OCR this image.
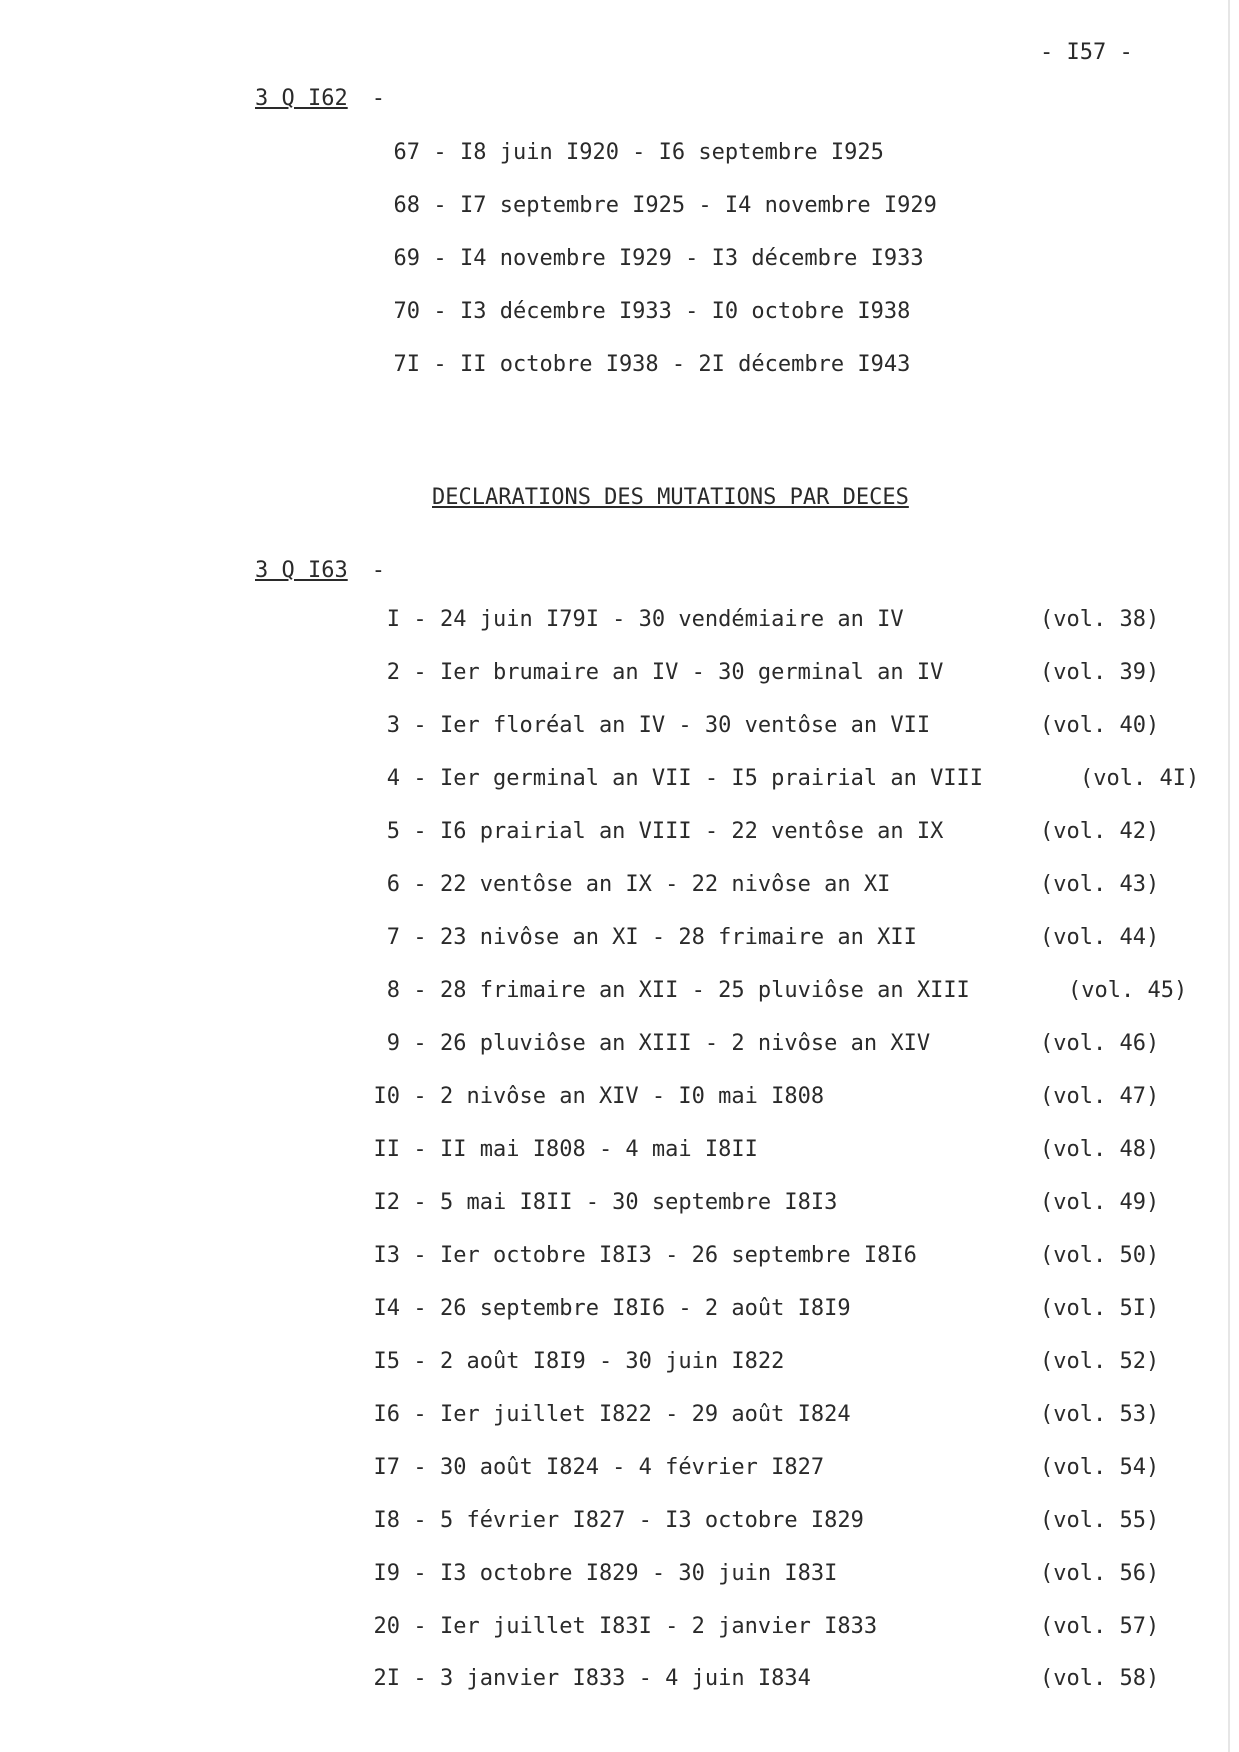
- I57 -
3 Q I62 -
67 - I8 juin I920 - I6 septembre I925
68 - I7 septembre I925 - I4 novembre I929
69 - I4 novembre I929 - I3 décembre I933
70 - I3 décembre I933 - I0 octobre I938
7I - II octobre I938 - 2I décembre I943
DECLARATIONS DES MUTATIONS PAR DECES
3 Q I63 -
I - 24 juin I79I - 30 vendémiaire an IV	(vol. 38)
2 - Ier brumaire an IV - 30 germinal an IV	(vol. 39)
3 - Ier floréal an IV - 30 ventôse an VII	(vol. 40)
4 - Ier germinal an VII - I5 prairial an VIII	(vol. 4I)
5 - I6 prairial an VIII - 22 ventôse an IX	(vol. 42)
6 - 22 ventôse an IX - 22 nivôse an XI	(vol. 43)
7 - 23 nivôse an XI - 28 frimaire an XII	(vol. 44)
8 - 28 frimaire an XII - 25 pluviôse an XIII	(vol. 45)
9 - 26 pluviôse an XIII - 2 nivôse an XIV	(vol. 46)
I0 - 2 nivôse an XIV - I0 mai I808	(vol. 47)
II - II mai I808 - 4 mai I8II	(vol. 48)
I2 - 5 mai I8II - 30 septembre I8I3	(vol. 49)
I3 - Ier octobre I8I3 - 26 septembre I8I6	(vol. 50)
I4 - 26 septembre I8I6 - 2 août I8I9	(vol. 5I)
I5 - 2 août I8I9 - 30 juin I822	(vol. 52)
I6 - Ier juillet I822 - 29 août I824	(vol. 53)
I7 - 30 août I824 - 4 février I827	(vol. 54)
I8 - 5 février I827 - I3 octobre I829	(vol. 55)
I9 - I3 octobre I829 - 30 juin I83I	(vol. 56)
20 - Ier juillet I83I - 2 janvier I833	(vol. 57)
2I - 3 janvier I833 - 4 juin I834	(vol. 58)
